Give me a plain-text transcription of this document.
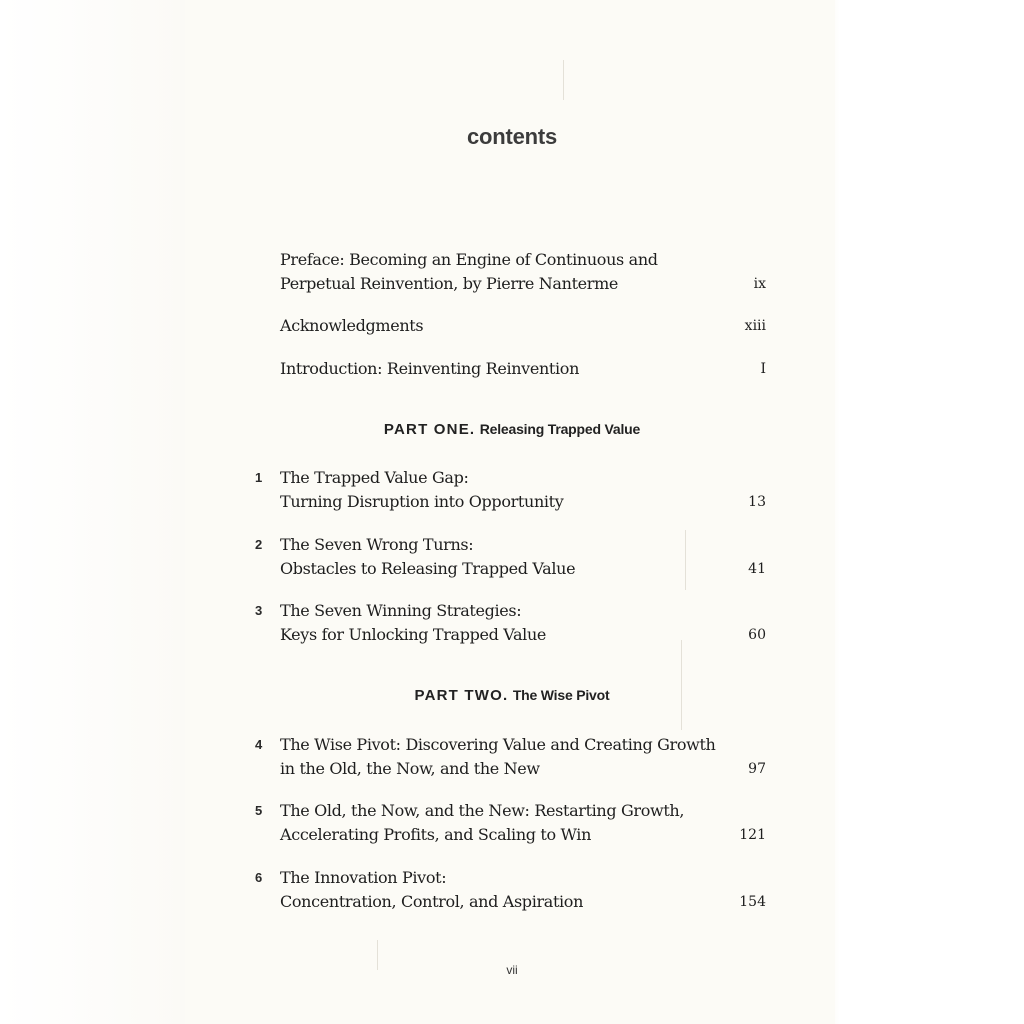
contents
Preface: Becoming an Engine of Continuous and
Perpetual Reinvention, by Pierre Nanterme	ix
Acknowledgments	xiii
Introduction: Reinventing Reinvention	I
PART ONE. Releasing Trapped Value
1 The Trapped Value Gap:
Turning Disruption into Opportunity	13
2 The Seven Wrong Turns:
Obstacles to Releasing Trapped Value	41
3 The Seven Winning Strategies:
Keys for Unlocking Trapped Value	60
PART TWO. The Wise Pivot
4 The Wise Pivot: Discovering Value and Creating Growth
in the Old, the Now, and the New	97
5 The Old, the Now, and the New: Restarting Growth,
Accelerating Profits, and Scaling to Win	121
6 The Innovation Pivot:
Concentration, Control, and Aspiration	154
vii
